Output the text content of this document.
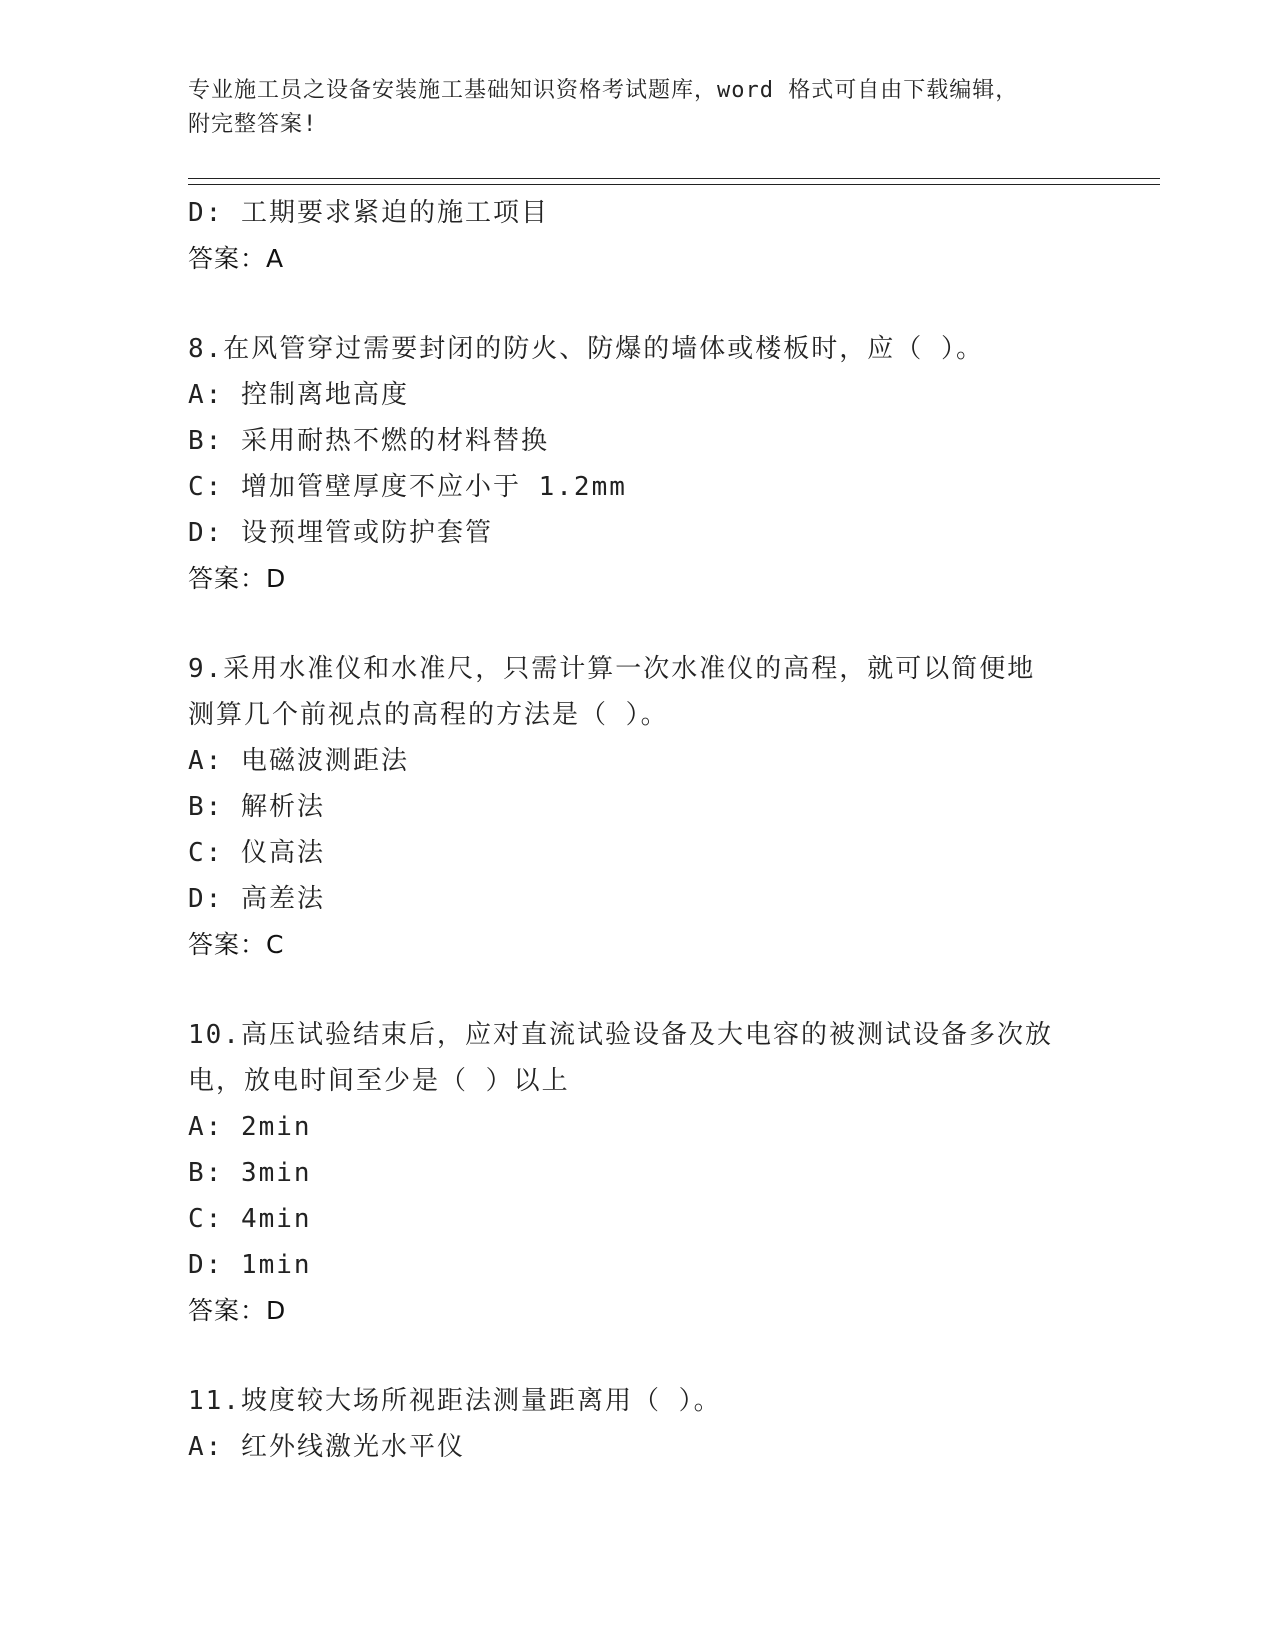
专业施工员之设备安装施工基础知识资格考试题库，word 格式可自由下载编辑，
附完整答案!
D: 工期要求紧迫的施工项目
答案：A
8.在风管穿过需要封闭的防火、防爆的墙体或楼板时，应（ ）。
A: 控制离地高度
B: 采用耐热不燃的材料替换
C: 增加管壁厚度不应小于 1.2mm
D: 设预埋管或防护套管
答案：D
9.采用水准仪和水准尺，只需计算一次水准仪的高程，就可以简便地
测算几个前视点的高程的方法是（ ）。
A: 电磁波测距法
B: 解析法
C: 仪高法
D: 高差法
答案：C
10.高压试验结束后，应对直流试验设备及大电容的被测试设备多次放
电，放电时间至少是（ ）以上
A: 2min
B: 3min
C: 4min
D: 1min
答案：D
11.坡度较大场所视距法测量距离用（ ）。
A: 红外线激光水平仪
